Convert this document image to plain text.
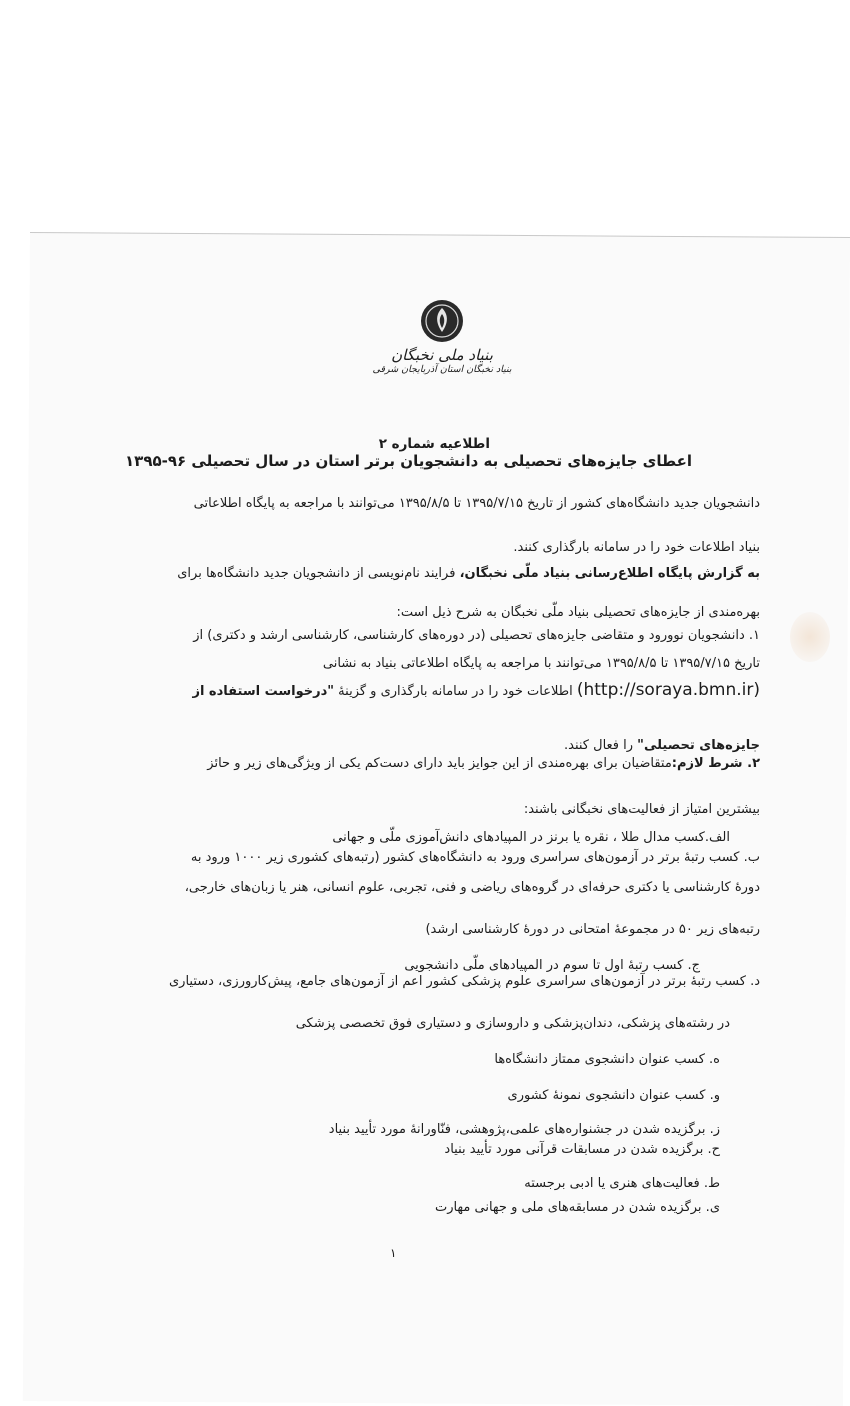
بنیاد ملی نخبگان
بنیاد نخبگان استان آذربایجان شرقی
اطلاعیه شماره ۲
اعطای جایزه‌های تحصیلی به دانشجویان برتر استان در سال تحصیلی ۹۶-۱۳۹۵
دانشجویان جدید دانشگاه‌های کشور از تاریخ ۱۳۹۵/۷/۱۵ تا ۱۳۹۵/۸/۵ می‌توانند با مراجعه به پایگاه اطلاعاتی
بنیاد اطلاعات خود را در سامانه بارگذاری کنند.
به گزارش پایگاه اطلاع‌رسانی بنیاد ملّی نخبگان، فرایند نام‌نویسی از دانشجویان جدید دانشگاه‌ها برای
بهره‌مندی از جایزه‌های تحصیلی بنیاد ملّی نخبگان به شرح ذیل است:
۱. دانشجویان نوورود و متقاضی جایزه‌های تحصیلی (در دوره‌های کارشناسی، کارشناسی ارشد و دکتری) از
تاریخ ۱۳۹۵/۷/۱۵ تا ۱۳۹۵/۸/۵ می‌توانند با مراجعه به پایگاه اطلاعاتی بنیاد به نشانی
(http://soraya.bmn.ir) اطلاعات خود را در سامانه بارگذاری و گزینهٔ "درخواست استفاده از
جایزه‌های تحصیلی" را فعال کنند.
۲. شرط لازم:متقاضیان برای بهره‌مندی از این جوایز باید دارای دست‌کم یکی از ویژگی‌های زیر و حائز
بیشترین امتیاز از فعالیت‌های نخبگانی باشند:
الف.کسب مدال طلا ، نقره یا برنز در المپیادهای دانش‌آموزی ملّی و جهانی
ب. کسب رتبهٔ برتر در آزمون‌های سراسری ورود به دانشگاه‌های کشور (رتبه‌های کشوری زیر ۱۰۰۰ ورود به
دورهٔ کارشناسی یا دکتری حرفه‌ای در گروه‌های ریاضی و فنی، تجربی، علوم انسانی، هنر یا زبان‌های خارجی،
رتبه‌های زیر ۵۰ در مجموعهٔ امتحانی در دورهٔ کارشناسی ارشد)
ج. کسب رتبهٔ اول تا سوم در المپیادهای ملّی دانشجویی
د. کسب رتبهٔ برتر در آزمون‌های سراسری علوم پزشکی کشور اعم از آزمون‌های جامع، پیش‌کارورزی، دستیاری
در رشته‌های پزشکی، دندان‌پزشکی و داروسازی و دستیاری فوق تخصصی پزشکی
ه. کسب عنوان دانشجوی ممتاز دانشگاه‌ها
و. کسب عنوان دانشجوی نمونهٔ کشوری
ز. برگزیده شدن در جشنواره‌های علمی،پژوهشی، فنّاورانهٔ مورد تأیید بنیاد
ح. برگزیده شدن در مسابقات قرآنی مورد تأیید بنیاد
ط. فعالیت‌های هنری یا ادبی برجسته
ی. برگزیده شدن در مسابقه‌های ملی و جهانی مهارت
۱
